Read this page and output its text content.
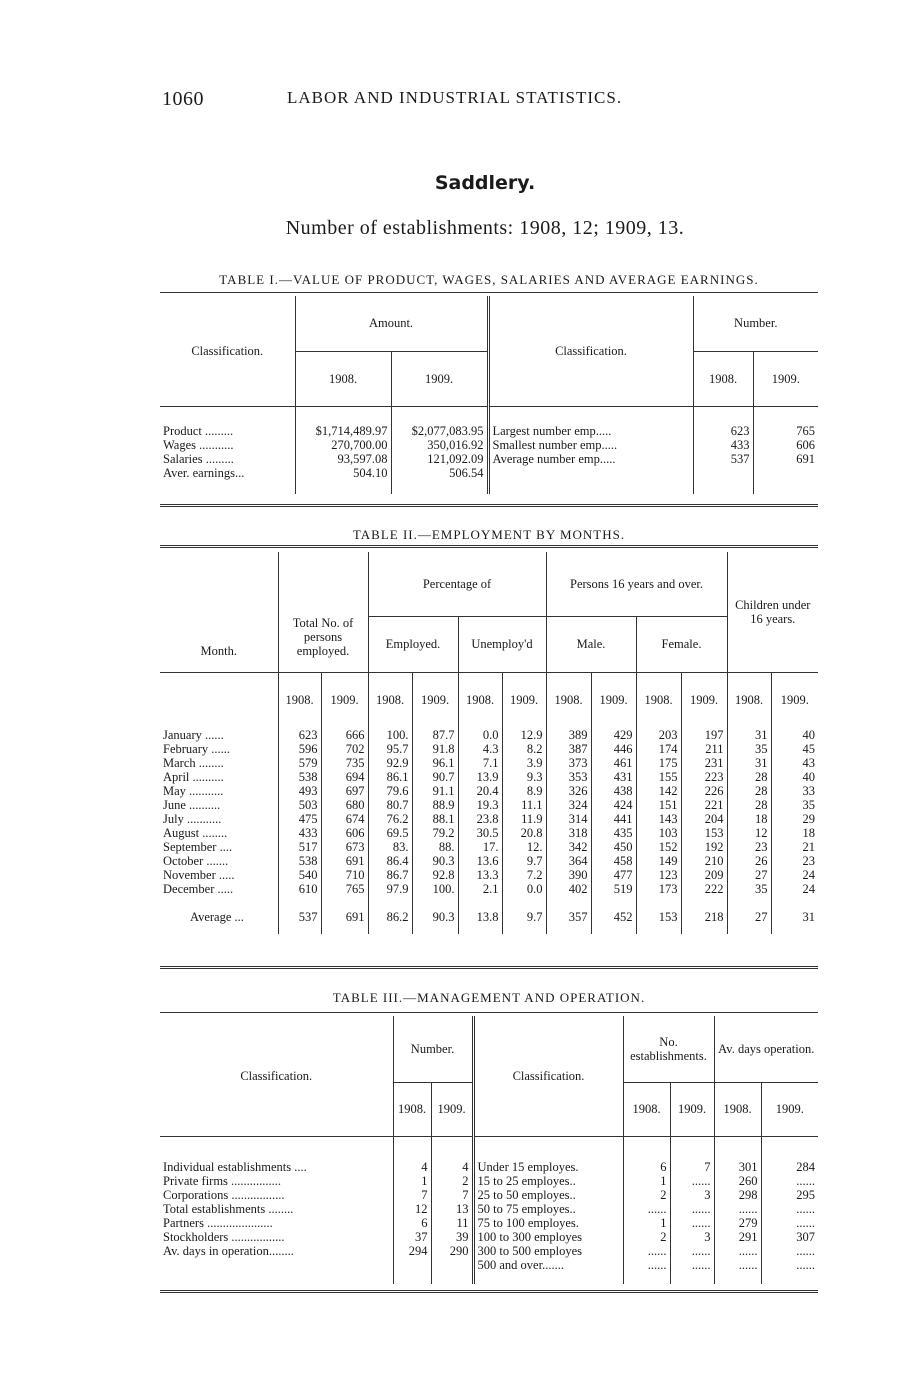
1060	LABOR AND INDUSTRIAL STATISTICS.
Saddlery.
Number of establishments: 1908, 12; 1909, 13.
TABLE I.—VALUE OF PRODUCT, WAGES, SALARIES AND AVERAGE EARNINGS.
Classification.	Amount.		Classification.	Number.	
	1908.	1909.		1908.	1909.

Product .........	$1,714,489.97	$2,077,083.95	Largest number emp.....	623	765
Wages ...........	270,700.00	350,016.92	Smallest number emp.....	433	606
Salaries .........	93,597.08	121,092.09	Average number emp.....	537	691
Aver. earnings...	504.10	506.54			

TABLE II.—EMPLOYMENT BY MONTHS.
Month.	Total No. of persons employed.		Percentage of				Persons 16 years and over.				Children under 16 years.	
			Employed.		Unemploy'd		Male.		Female.			
	1908.	1909.	1908.	1909.	1908.	1909.	1908.	1909.	1908.	1909.	1908.	1909.
January ......	623	666	100.	87.7	0.0	12.9	389	429	203	197	31	40
February ......	596	702	95.7	91.8	4.3	8.2	387	446	174	211	35	45
March ........	579	735	92.9	96.1	7.1	3.9	373	461	175	231	31	43
April ..........	538	694	86.1	90.7	13.9	9.3	353	431	155	223	28	40
May ...........	493	697	79.6	91.1	20.4	8.9	326	438	142	226	28	33
June ..........	503	680	80.7	88.9	19.3	11.1	324	424	151	221	28	35
July ...........	475	674	76.2	88.1	23.8	11.9	314	441	143	204	18	29
August ........	433	606	69.5	79.2	30.5	20.8	318	435	103	153	12	18
September ....	517	673	83.	88.	17.	12.	342	450	152	192	23	21
October .......	538	691	86.4	90.3	13.6	9.7	364	458	149	210	26	23
November .....	540	710	86.7	92.8	13.3	7.2	390	477	123	209	27	24
December .....	610	765	97.9	100.	2.1	0.0	402	519	173	222	35	24

Average ...	537	691	86.2	90.3	13.8	9.7	357	452	153	218	27	31

TABLE III.—MANAGEMENT AND OPERATION.
Classification.	Number.		Classification.	No. establishments.		Av. days operation.	
	1908.	1909.		1908.	1909.	1908.	1909.

Individual establishments ....	4	4	Under 15 employes.	6	7	301	284
Private firms ................	1	2	15 to 25 employes..	1	......	260	......
Corporations .................	7	7	25 to 50 employes..	2	3	298	295
Total establishments ........	12	13	50 to 75 employes..	......	......	......	......
Partners .....................	6	11	75 to 100 employes.	1	......	279	......
Stockholders .................	37	39	100 to 300 employes	2	3	291	307
Av. days in operation........	294	290	300 to 500 employes	......	......	......	......
			500 and over.......	......	......	......	......
